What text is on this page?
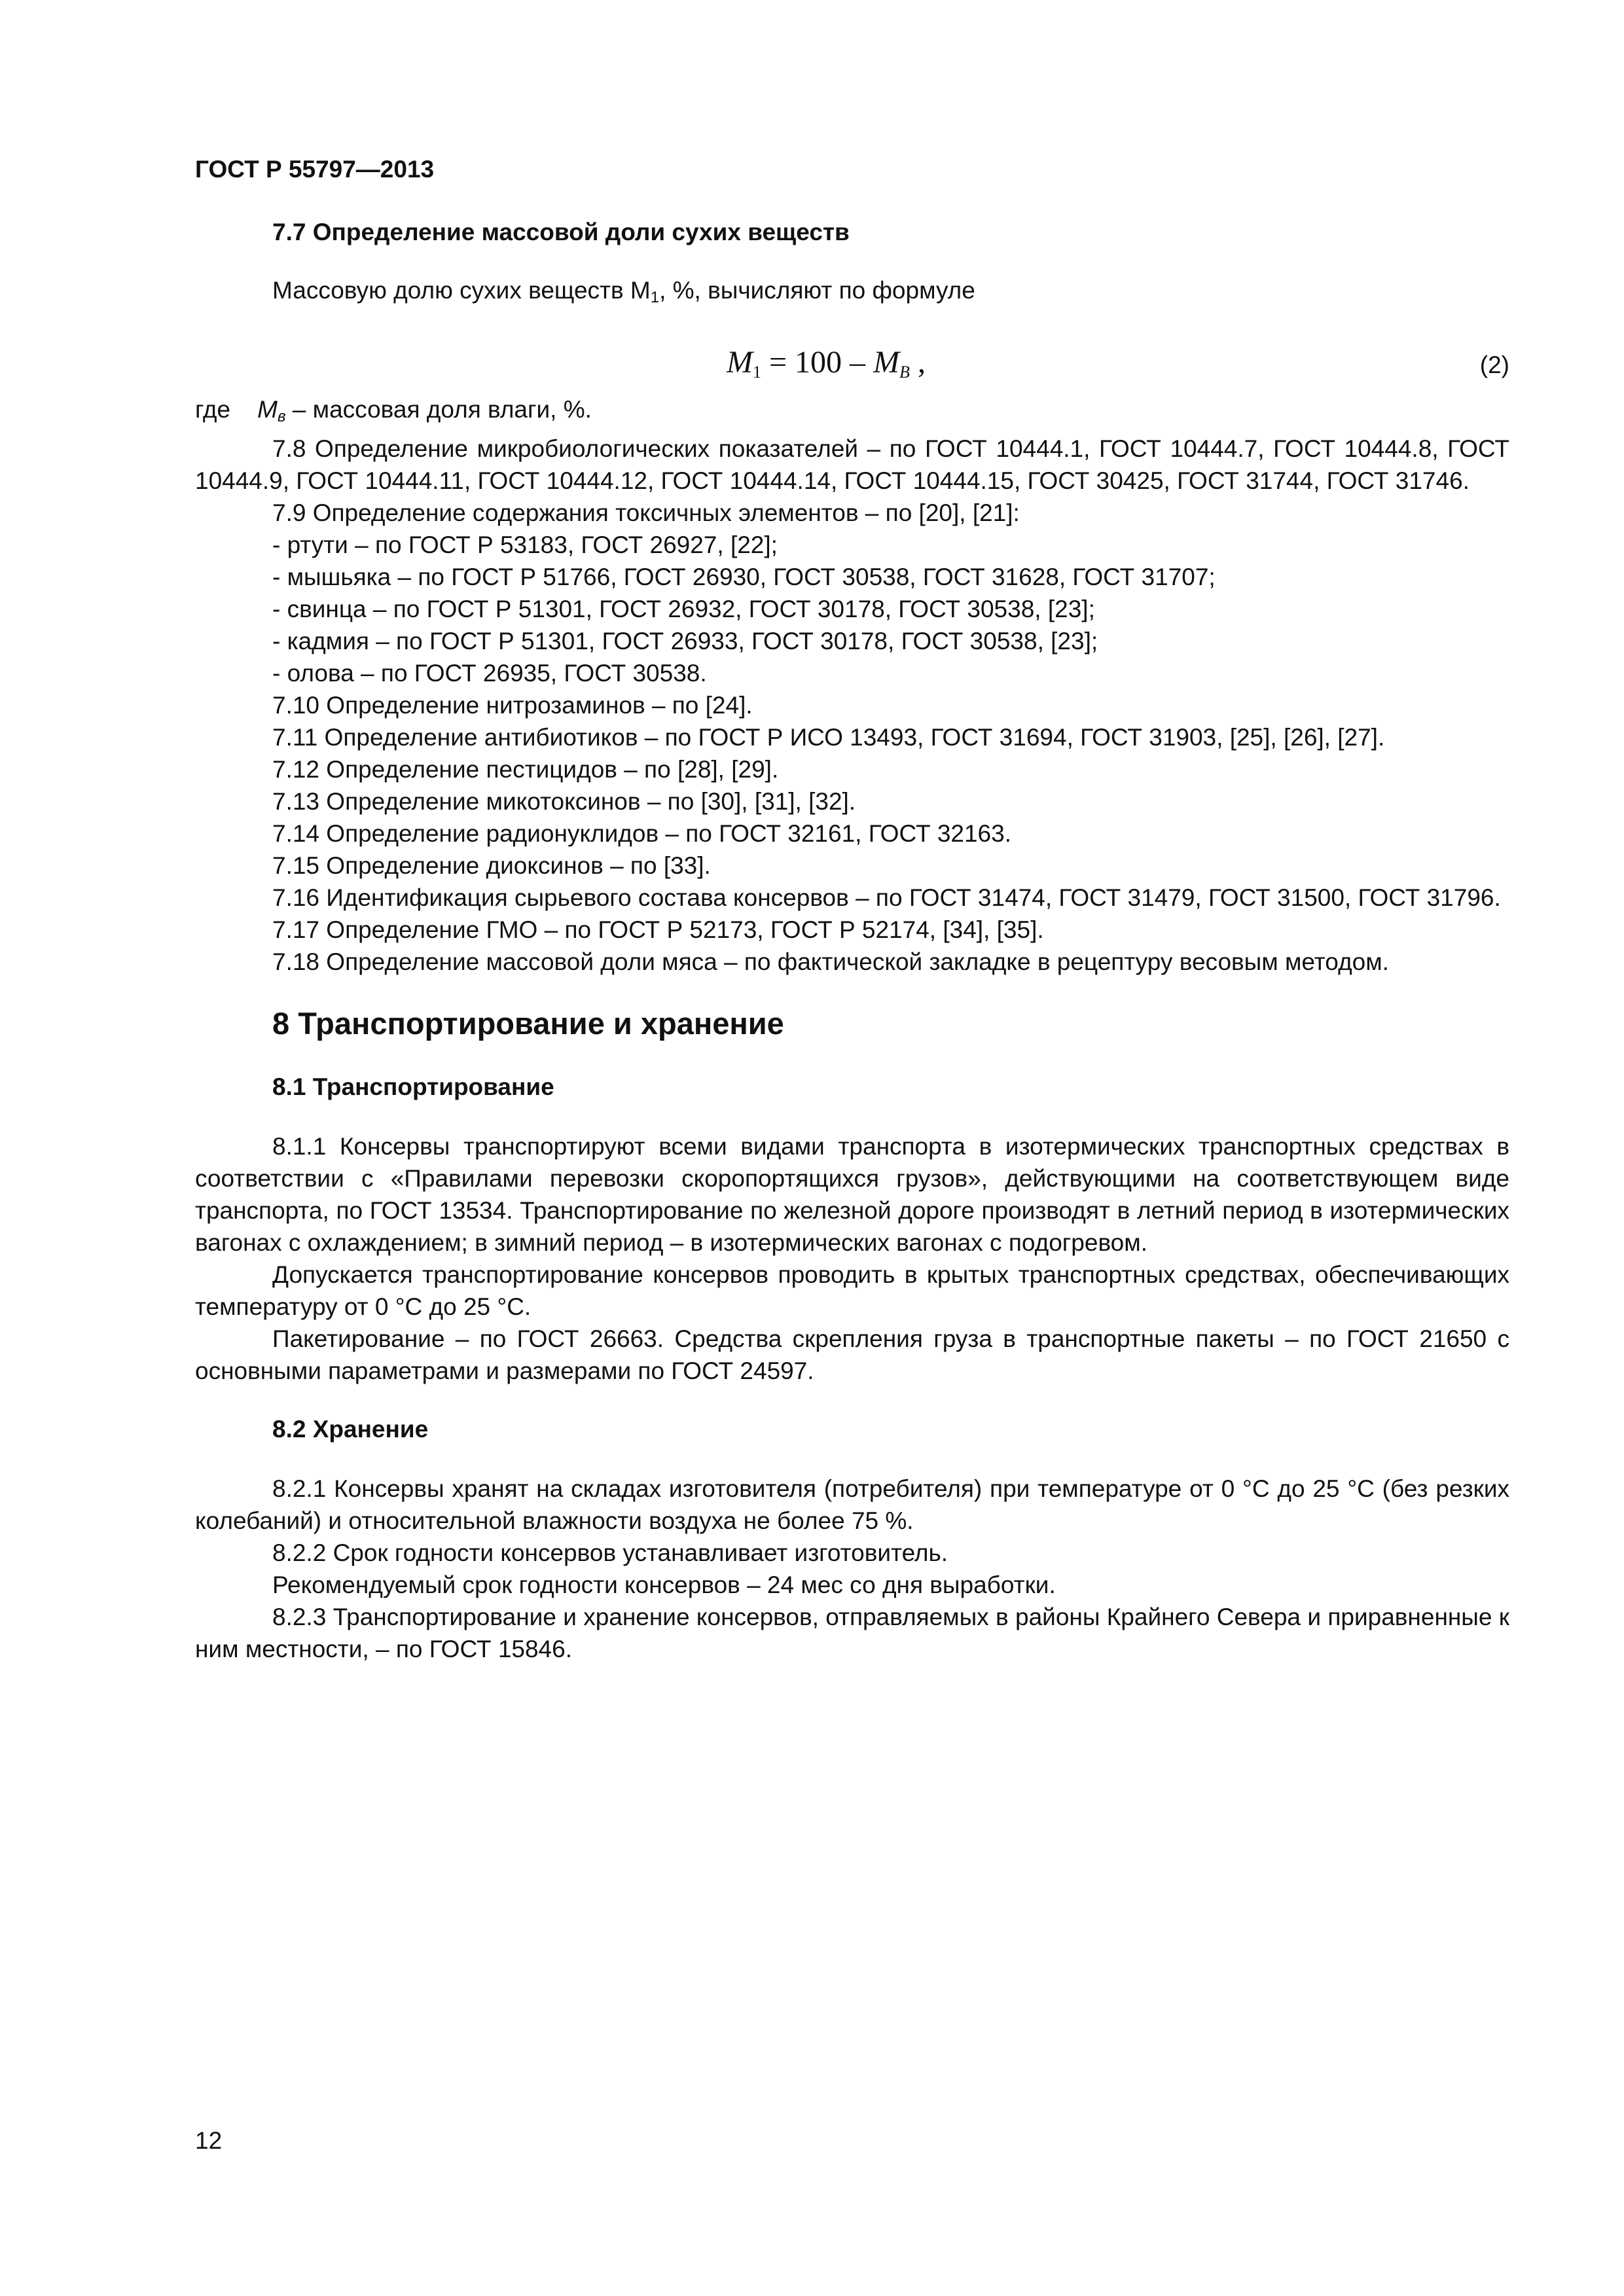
ГОСТ Р 55797—2013

7.7 Определение массовой доли сухих веществ

Массовую долю сухих веществ $М_1$, %, вычисляют по формуле

$M_1 = 100 - M_B$ ,	(2)

где $M_в$ – массовая доля влаги, %.

7.8 Определение микробиологических показателей – по ГОСТ 10444.1, ГОСТ 10444.7, ГОСТ 10444.8, ГОСТ 10444.9, ГОСТ 10444.11, ГОСТ 10444.12, ГОСТ 10444.14, ГОСТ 10444.15, ГОСТ 30425, ГОСТ 31744, ГОСТ 31746.

7.9 Определение содержания токсичных элементов – по [20], [21]:

- ртути – по ГОСТ Р 53183, ГОСТ 26927, [22];

- мышьяка – по ГОСТ Р 51766, ГОСТ 26930, ГОСТ 30538, ГОСТ 31628, ГОСТ 31707;

- свинца – по ГОСТ Р 51301, ГОСТ 26932, ГОСТ 30178, ГОСТ 30538, [23];

- кадмия – по ГОСТ Р 51301, ГОСТ 26933, ГОСТ 30178, ГОСТ 30538, [23];

- олова – по ГОСТ 26935, ГОСТ 30538.

7.10 Определение нитрозаминов – по [24].

7.11 Определение антибиотиков – по ГОСТ Р ИСО 13493, ГОСТ 31694, ГОСТ 31903, [25], [26], [27].

7.12 Определение пестицидов – по [28], [29].

7.13 Определение микотоксинов – по [30], [31], [32].

7.14 Определение радионуклидов – по ГОСТ 32161, ГОСТ 32163.

7.15 Определение диоксинов – по [33].

7.16 Идентификация сырьевого состава консервов – по ГОСТ 31474, ГОСТ 31479, ГОСТ 31500, ГОСТ 31796.

7.17 Определение ГМО – по ГОСТ Р 52173, ГОСТ Р 52174, [34], [35].

7.18 Определение массовой доли мяса – по фактической закладке в рецептуру весовым методом.

8 Транспортирование и хранение

8.1 Транспортирование

8.1.1 Консервы транспортируют всеми видами транспорта в изотермических транспортных средствах в соответствии с «Правилами перевозки скоропортящихся грузов», действующими на соответствующем виде транспорта, по ГОСТ 13534. Транспортирование по железной дороге производят в летний период в изотермических вагонах с охлаждением; в зимний период – в изотермических вагонах с подогревом.

Допускается транспортирование консервов проводить в крытых транспортных средствах, обеспечивающих температуру от 0 °С до 25 °С.

Пакетирование – по ГОСТ 26663. Средства скрепления груза в транспортные пакеты – по ГОСТ 21650 с основными параметрами и размерами по ГОСТ 24597.

8.2 Хранение

8.2.1 Консервы хранят на складах изготовителя (потребителя) при температуре от 0 °С до 25 °С (без резких колебаний) и относительной влажности воздуха не более 75 %.

8.2.2 Срок годности консервов устанавливает изготовитель.

Рекомендуемый срок годности консервов – 24 мес со дня выработки.

8.2.3 Транспортирование и хранение консервов, отправляемых в районы Крайнего Севера и приравненные к ним местности, – по ГОСТ 15846.

12
